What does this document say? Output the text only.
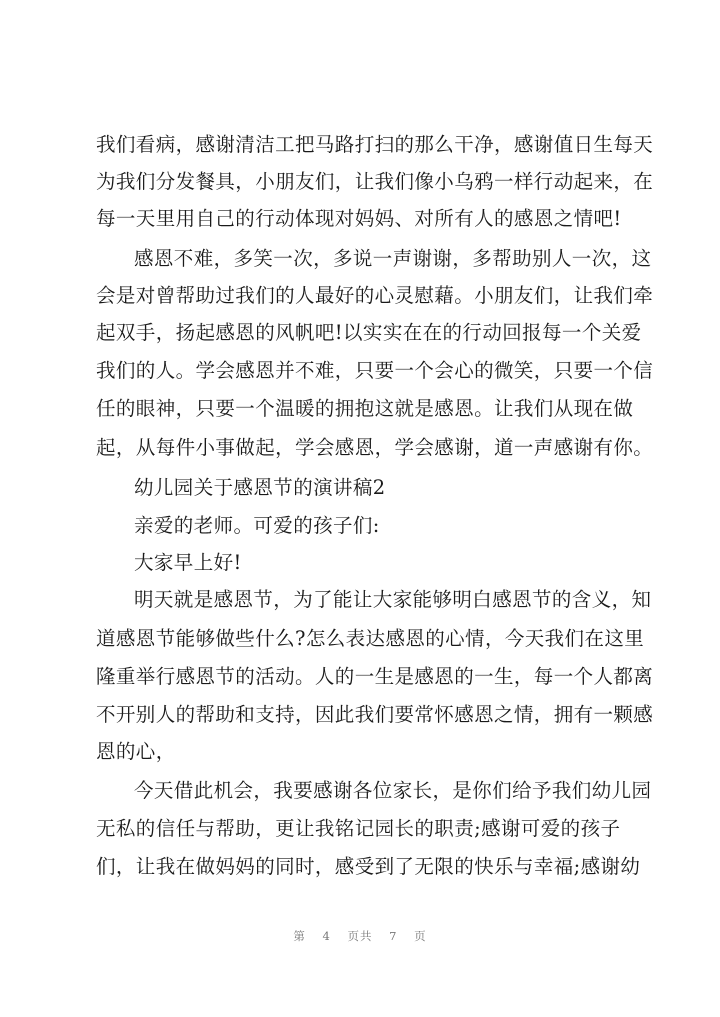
我们看病，感谢清洁工把马路打扫的那么干净，感谢值日生每天
为我们分发餐具，小朋友们，让我们像小乌鸦一样行动起来，在
每一天里用自己的行动体现对妈妈、对所有人的感恩之情吧!
感恩不难，多笑一次，多说一声谢谢，多帮助别人一次，这
会是对曾帮助过我们的人最好的心灵慰藉。小朋友们，让我们牵
起双手，扬起感恩的风帆吧!以实实在在的行动回报每一个关爱
我们的人。学会感恩并不难，只要一个会心的微笑，只要一个信
任的眼神，只要一个温暖的拥抱这就是感恩。让我们从现在做
起，从每件小事做起，学会感恩，学会感谢，道一声感谢有你。
幼儿园关于感恩节的演讲稿2
亲爱的老师。可爱的孩子们:
大家早上好!
明天就是感恩节，为了能让大家能够明白感恩节的含义，知
道感恩节能够做些什么?怎么表达感恩的心情，今天我们在这里
隆重举行感恩节的活动。人的一生是感恩的一生，每一个人都离
不开别人的帮助和支持，因此我们要常怀感恩之情，拥有一颗感
恩的心，
今天借此机会，我要感谢各位家长，是你们给予我们幼儿园
无私的信任与帮助，更让我铭记园长的职责;感谢可爱的孩子
们，让我在做妈妈的同时，感受到了无限的快乐与幸福;感谢幼
第 4 页共 7 页
